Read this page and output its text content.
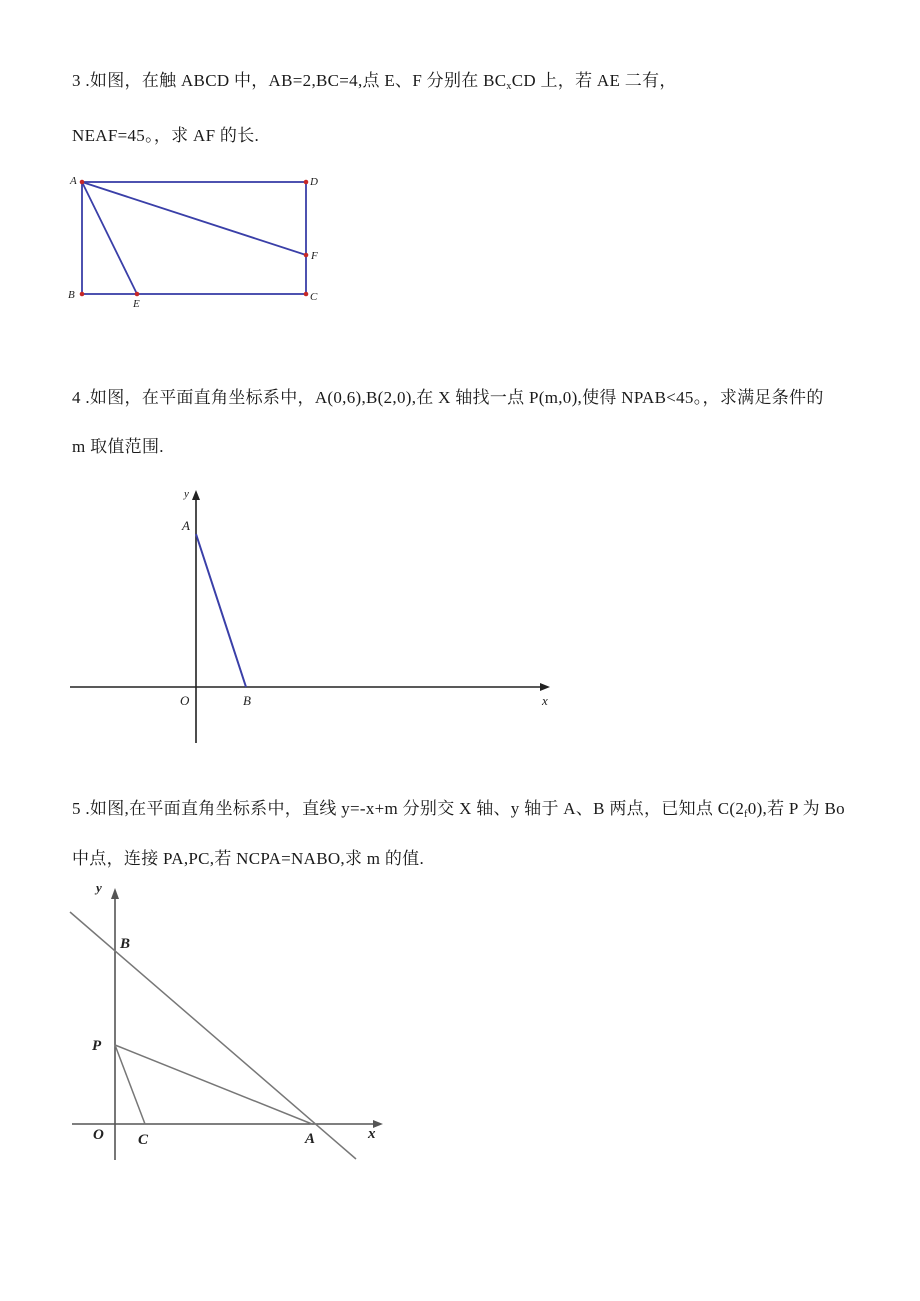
3 .如图，在触 ABCD 中，AB=2,BC=4,点 E、F 分别在 $BC_xCD$ 上，若 AE 二有，
NEAF=45。，求 AF 的长.
A	D
B	C
E
F
4 .如图，在平面直角坐标系中，A(0,6),B(2,0),在 X 轴找一点 P(m,0),使得 NPAB<45。，求满足条件的
m 取值范围.
y
A
O	B	x
5 .如图,在平面直角坐标系中，直线 y=-x+m 分别交 X 轴、y 轴于 A、B 两点，已知点 $C(2_f0)$,若 P 为 Bo
中点，连接 PA,PC,若 NCPA=NABO,求 m 的值.
y
B
P
O C	A	x
